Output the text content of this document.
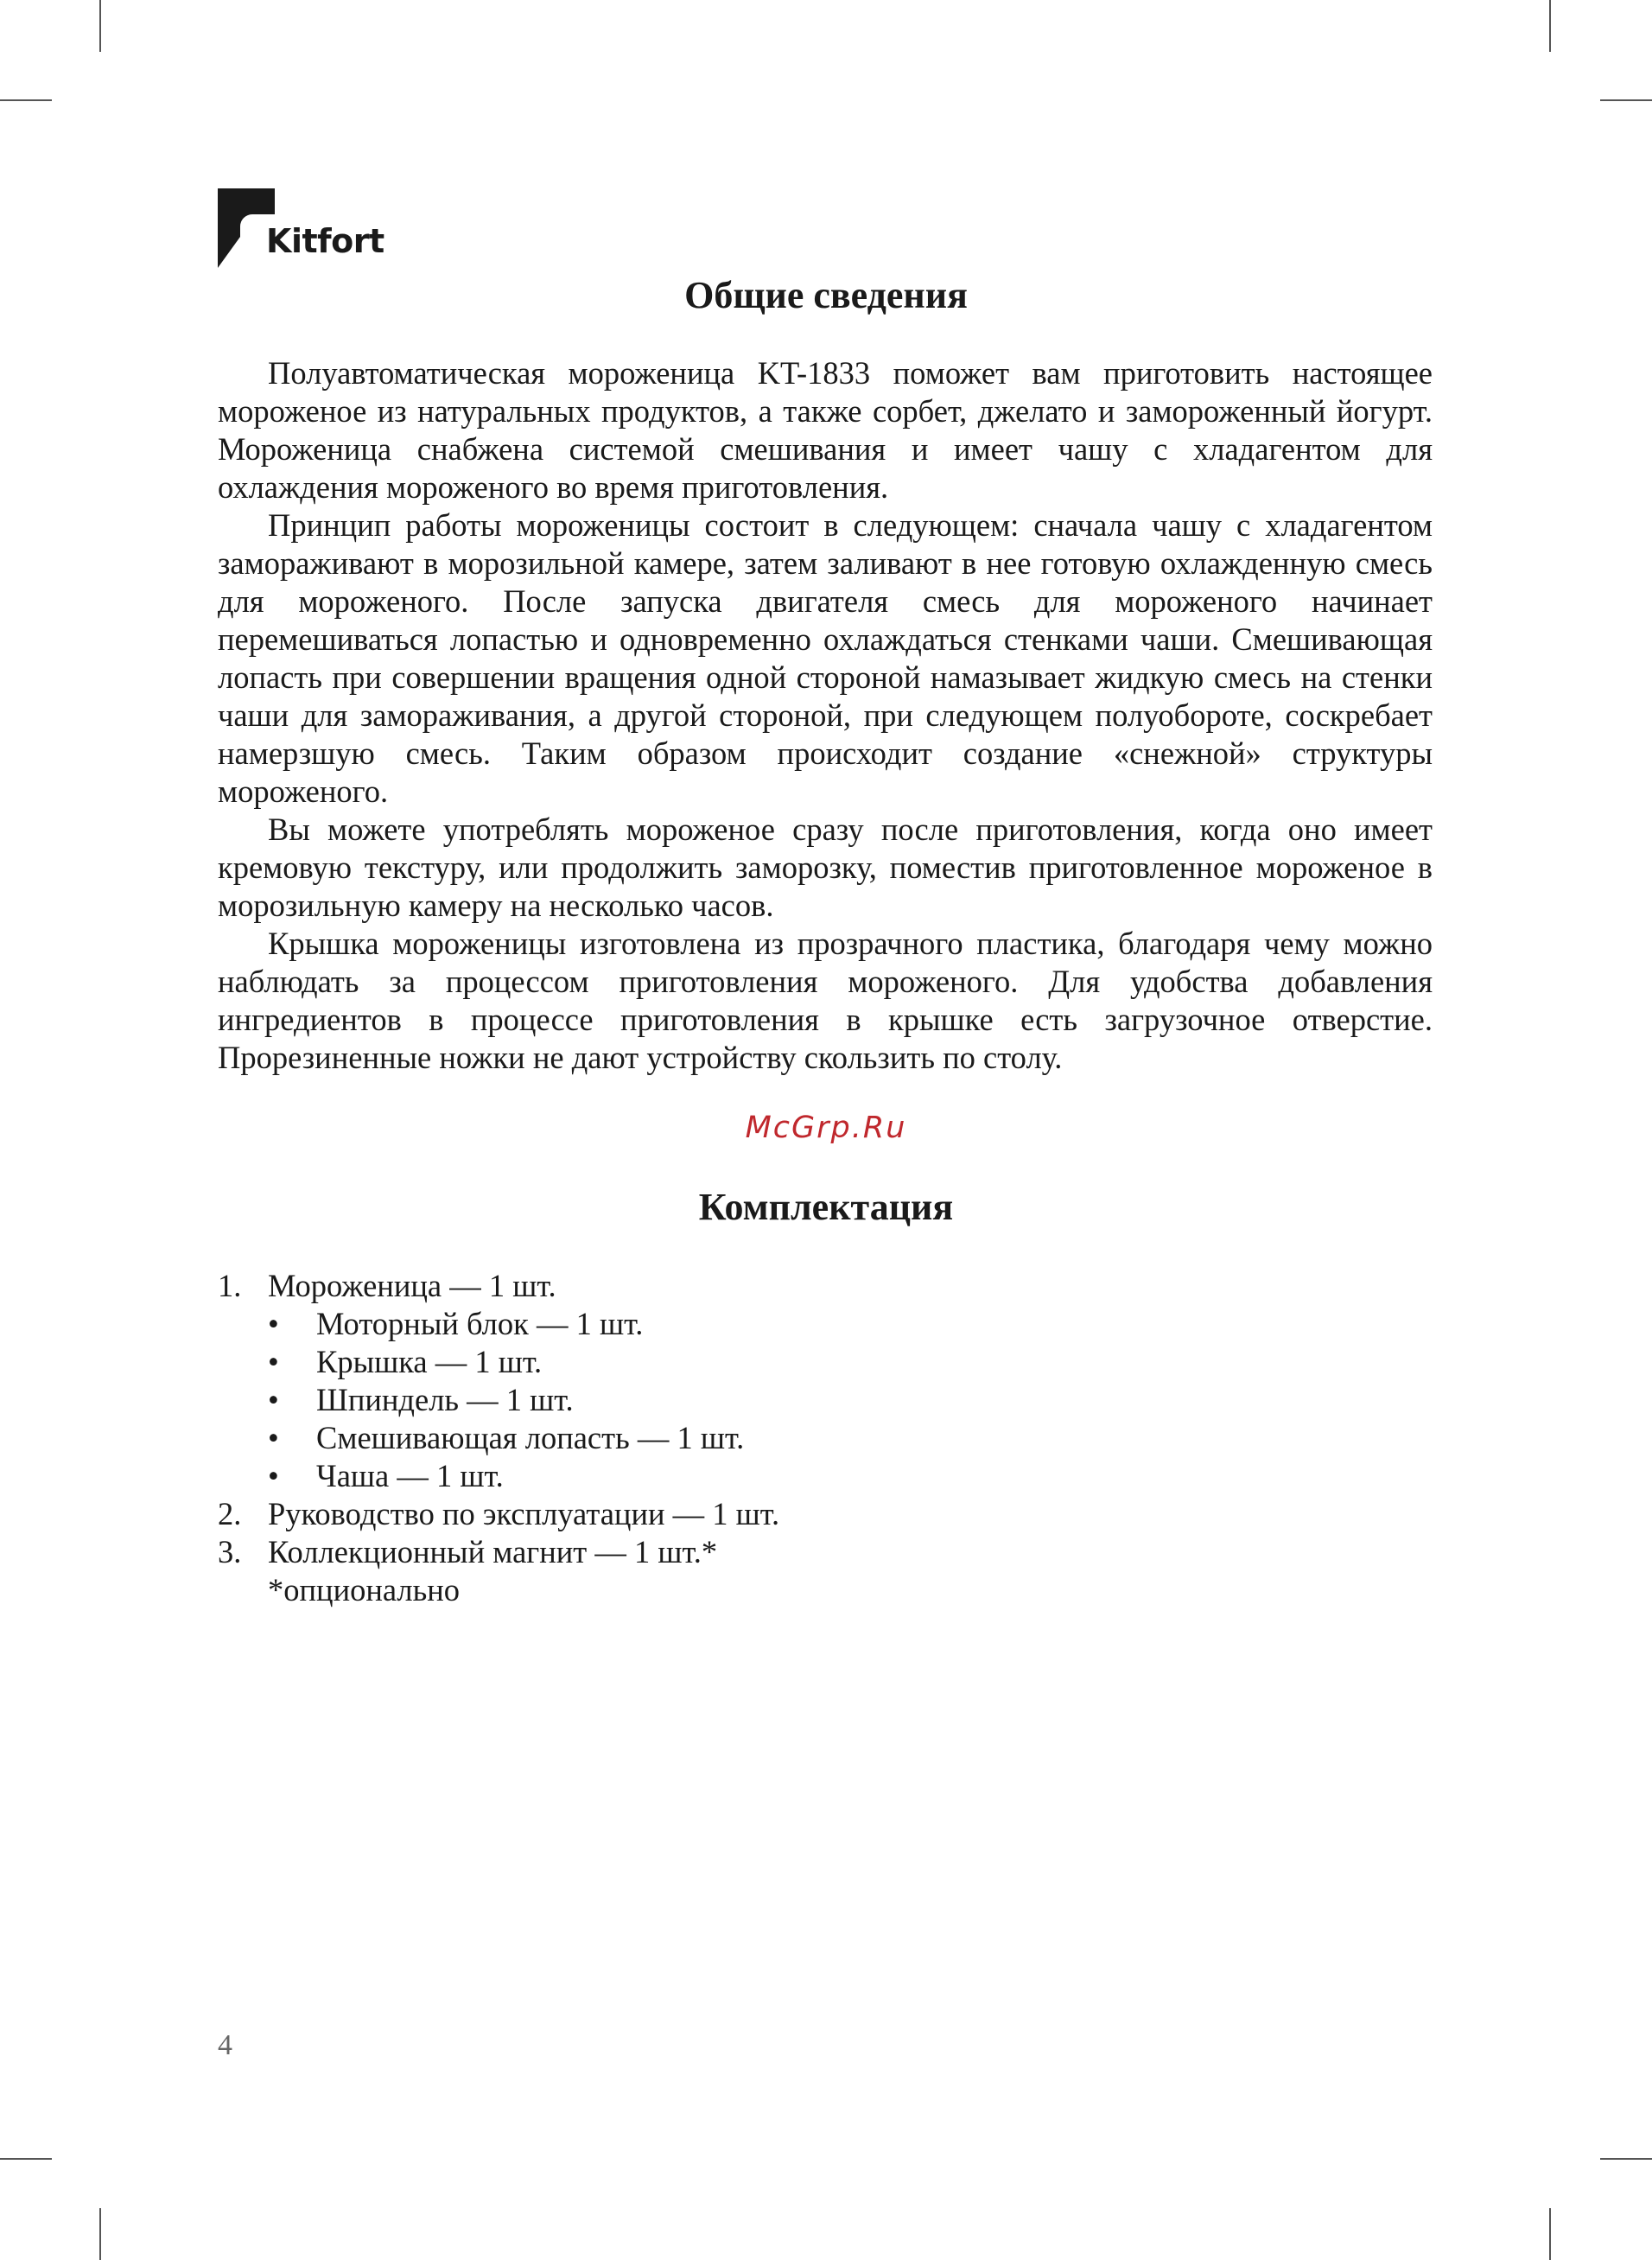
Kitfort
Общие сведения

Полуавтоматическая мороженица KT-1833 поможет вам приготовить настоящее мороженое из натуральных продуктов, а также сорбет, джелато и замороженный йогурт. Мороженица снабжена системой смешивания и имеет чашу с хладагентом для охлаждения мороженого во время приготовления.

Принцип работы мороженицы состоит в следующем: сначала чашу с хладагентом замораживают в морозильной камере, затем заливают в нее готовую охлажденную смесь для мороженого. После запуска двигателя смесь для мороженого начинает перемешиваться лопастью и одновременно охлаждаться стенками чаши. Смешивающая лопасть при совершении вращения одной стороной намазывает жидкую смесь на стенки чаши для замораживания, а другой стороной, при следующем полуобороте, соскребает намерзшую смесь. Таким образом происходит создание «снежной» структуры мороженого.

Вы можете употреблять мороженое сразу после приготовления, когда оно имеет кремовую текстуру, или продолжить заморозку, поместив приготовленное мороженое в морозильную камеру на несколько часов.

Крышка мороженицы изготовлена из прозрачного пластика, благодаря чему можно наблюдать за процессом приготовления мороженого. Для удобства добавления ингредиентов в процессе приготовления в крышке есть загрузочное отверстие. Прорезиненные ножки не дают устройству скользить по столу.

McGrp.Ru
Комплектация
1. Мороженица — 1 шт.
• Моторный блок — 1 шт.
• Крышка — 1 шт.
• Шпиндель — 1 шт.
• Смешивающая лопасть — 1 шт.
• Чаша — 1 шт.
2. Руководство по эксплуатации — 1 шт.
3. Коллекционный магнит — 1 шт.*
*опционально
4
